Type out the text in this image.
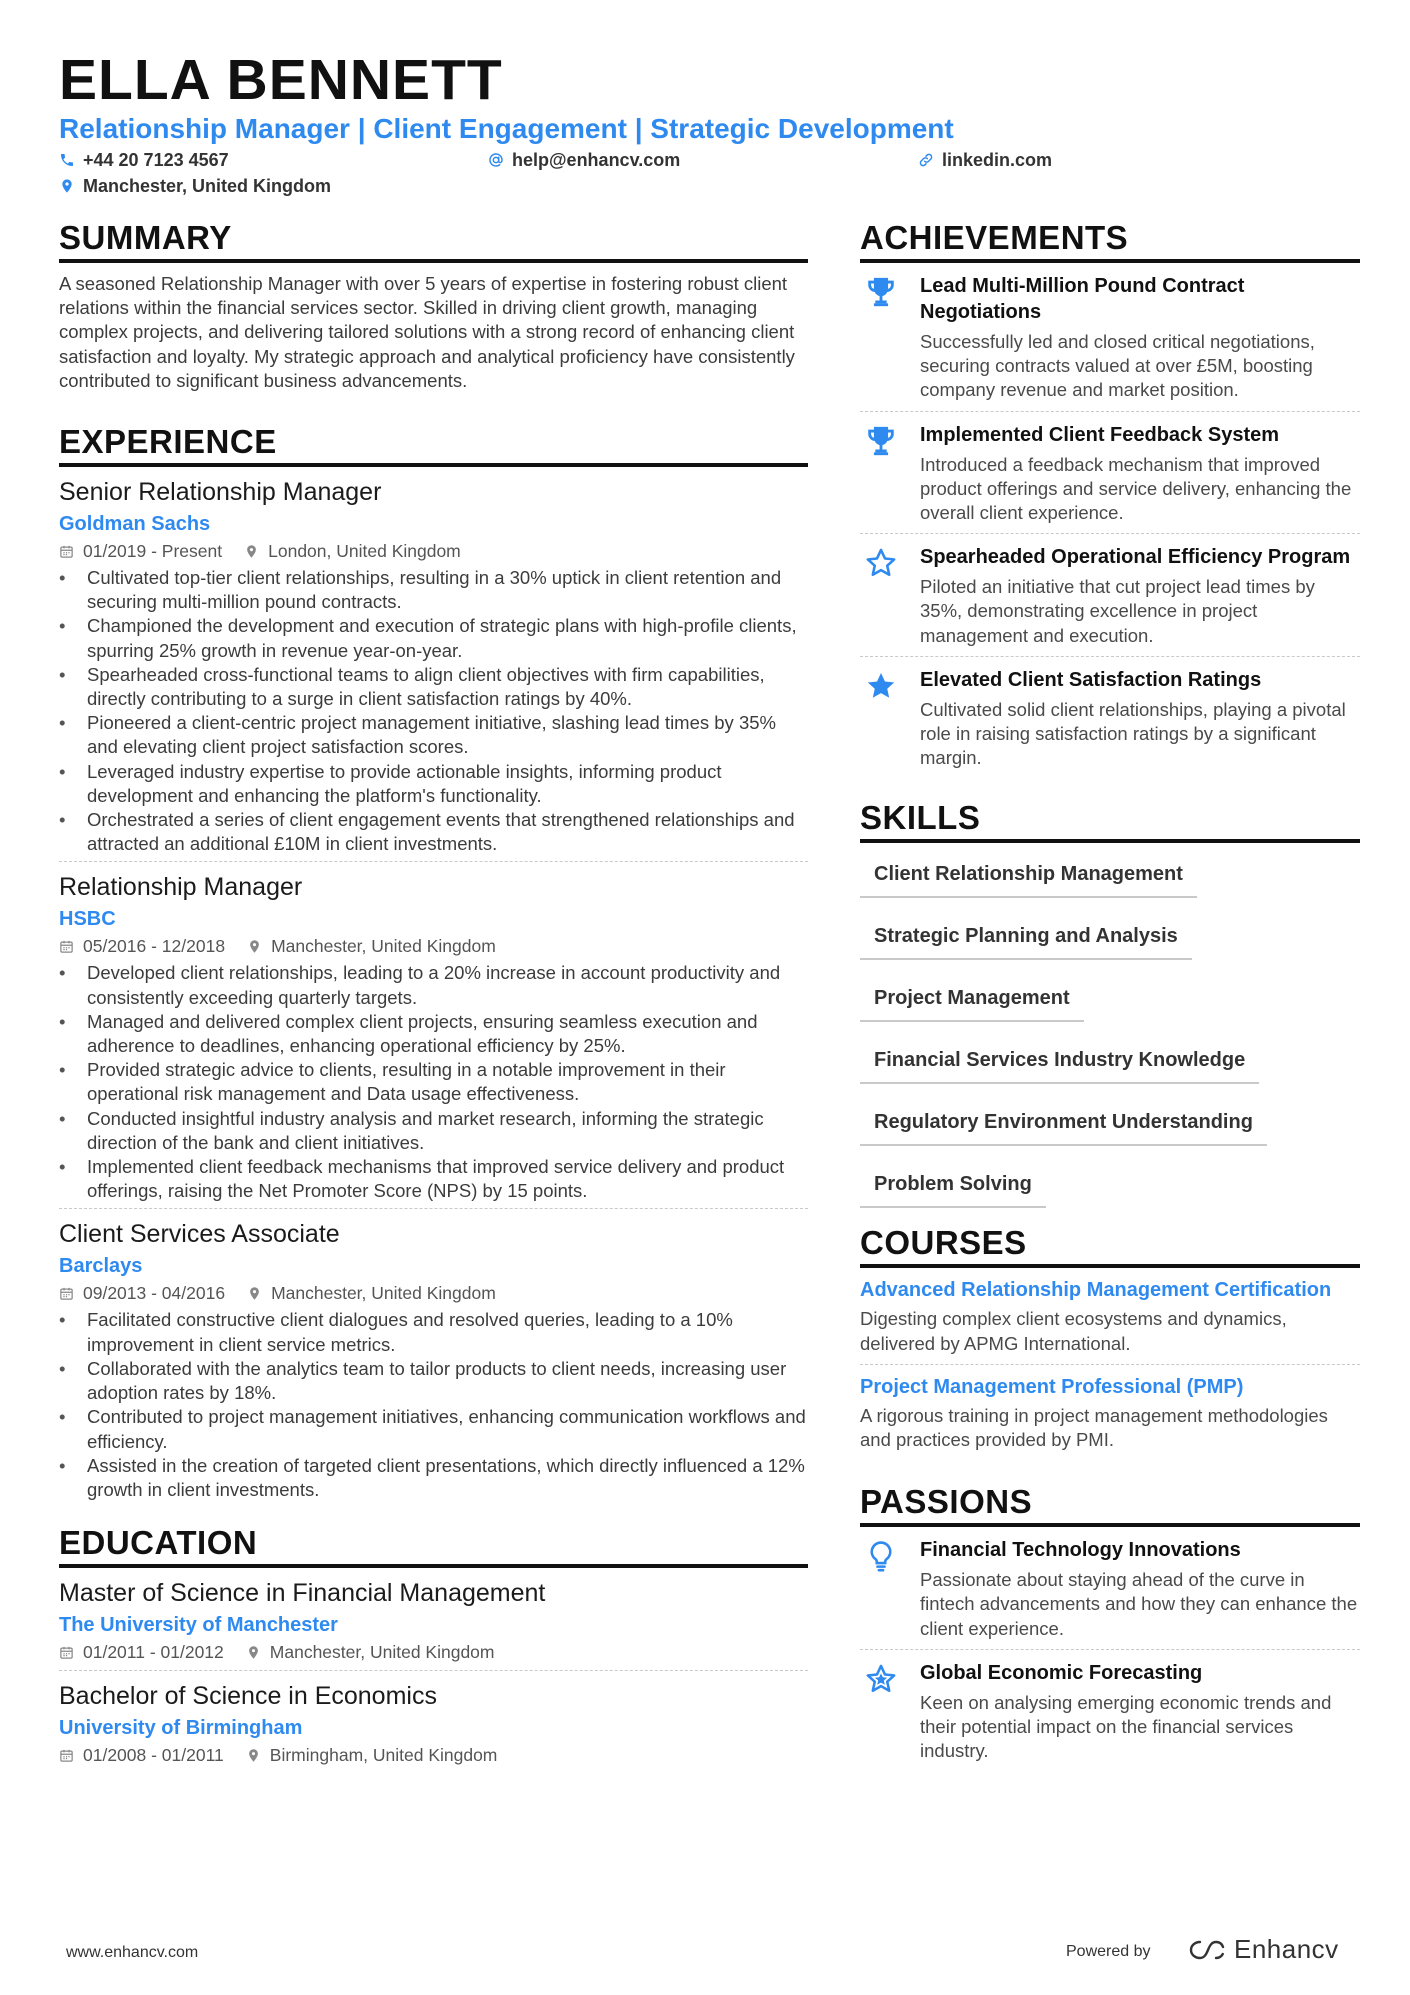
ELLA BENNETT
Relationship Manager | Client Engagement | Strategic Development
+44 20 7123 4567	help@enhancv.com	linkedin.com
Manchester, United Kingdom
SUMMARY
A seasoned Relationship Manager with over 5 years of expertise in fostering robust client relations within the financial services sector. Skilled in driving client growth, managing complex projects, and delivering tailored solutions with a strong record of enhancing client satisfaction and loyalty. My strategic approach and analytical proficiency have consistently contributed to significant business advancements.
EXPERIENCE
Senior Relationship Manager
Goldman Sachs
01/2019 - Present	London, United Kingdom
• Cultivated top-tier client relationships, resulting in a 30% uptick in client retention and securing multi-million pound contracts.
• Championed the development and execution of strategic plans with high-profile clients, spurring 25% growth in revenue year-on-year.
• Spearheaded cross-functional teams to align client objectives with firm capabilities, directly contributing to a surge in client satisfaction ratings by 40%.
• Pioneered a client-centric project management initiative, slashing lead times by 35% and elevating client project satisfaction scores.
• Leveraged industry expertise to provide actionable insights, informing product development and enhancing the platform's functionality.
• Orchestrated a series of client engagement events that strengthened relationships and attracted an additional £10M in client investments.
Relationship Manager
HSBC
05/2016 - 12/2018	Manchester, United Kingdom
• Developed client relationships, leading to a 20% increase in account productivity and consistently exceeding quarterly targets.
• Managed and delivered complex client projects, ensuring seamless execution and adherence to deadlines, enhancing operational efficiency by 25%.
• Provided strategic advice to clients, resulting in a notable improvement in their operational risk management and Data usage effectiveness.
• Conducted insightful industry analysis and market research, informing the strategic direction of the bank and client initiatives.
• Implemented client feedback mechanisms that improved service delivery and product offerings, raising the Net Promoter Score (NPS) by 15 points.
Client Services Associate
Barclays
09/2013 - 04/2016	Manchester, United Kingdom
• Facilitated constructive client dialogues and resolved queries, leading to a 10% improvement in client service metrics.
• Collaborated with the analytics team to tailor products to client needs, increasing user adoption rates by 18%.
• Contributed to project management initiatives, enhancing communication workflows and efficiency.
• Assisted in the creation of targeted client presentations, which directly influenced a 12% growth in client investments.
EDUCATION
Master of Science in Financial Management
The University of Manchester
01/2011 - 01/2012	Manchester, United Kingdom
Bachelor of Science in Economics
University of Birmingham
01/2008 - 01/2011	Birmingham, United Kingdom
ACHIEVEMENTS
Lead Multi-Million Pound Contract Negotiations
Successfully led and closed critical negotiations, securing contracts valued at over £5M, boosting company revenue and market position.
Implemented Client Feedback System
Introduced a feedback mechanism that improved product offerings and service delivery, enhancing the overall client experience.
Spearheaded Operational Efficiency Program
Piloted an initiative that cut project lead times by 35%, demonstrating excellence in project management and execution.
Elevated Client Satisfaction Ratings
Cultivated solid client relationships, playing a pivotal role in raising satisfaction ratings by a significant margin.
SKILLS
Client Relationship Management
Strategic Planning and Analysis
Project Management
Financial Services Industry Knowledge
Regulatory Environment Understanding
Problem Solving
COURSES
Advanced Relationship Management Certification
Digesting complex client ecosystems and dynamics, delivered by APMG International.
Project Management Professional (PMP)
A rigorous training in project management methodologies and practices provided by PMI.
PASSIONS
Financial Technology Innovations
Passionate about staying ahead of the curve in fintech advancements and how they can enhance the client experience.
Global Economic Forecasting
Keen on analysing emerging economic trends and their potential impact on the financial services industry.
www.enhancv.com	Powered by	Enhancv
